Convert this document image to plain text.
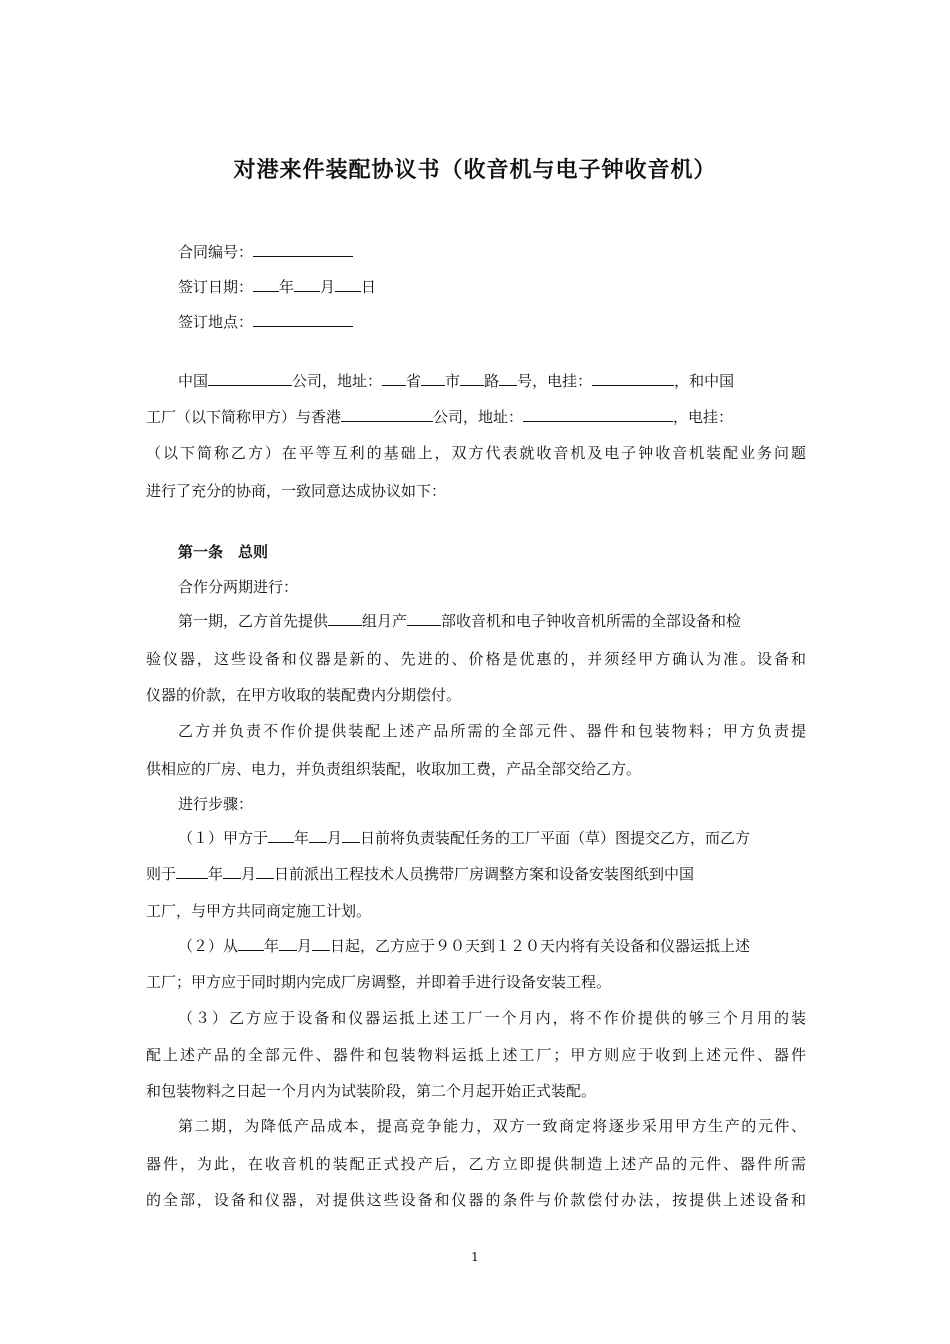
对港来件装配协议书（收音机与电子钟收音机）
合同编号：
签订日期： 年 月 日
签订地点：
中国	公司，地址： 省 市 路 号，电挂：	，和中国
工厂（以下简称甲方）与香港	公司，地址：	，电挂：
（以下简称乙方）在平等互利的基础上，双方代表就收音机及电子钟收音机装配业务问题
进行了充分的协商，一致同意达成协议如下：
第一条　总则
合作分两期进行：
第一期，乙方首先提供 组月产 部收音机和电子钟收音机所需的全部设备和检
验仪器，这些设备和仪器是新的、先进的、价格是优惠的，并须经甲方确认为准。设备和
仪器的价款，在甲方收取的装配费内分期偿付。
乙方并负责不作价提供装配上述产品所需的全部元件、器件和包装物料；甲方负责提
供相应的厂房、电力，并负责组织装配，收取加工费，产品全部交给乙方。
进行步骤：
（１）甲方于 年 月 日前将负责装配任务的工厂平面（草）图提交乙方，而乙方
则于 年 月 日前派出工程技术人员携带厂房调整方案和设备安装图纸到中国
工厂，与甲方共同商定施工计划。
（２）从 年 月 日起，乙方应于９０天到１２０天内将有关设备和仪器运抵上述
工厂；甲方应于同时期内完成厂房调整，并即着手进行设备安装工程。
（３）乙方应于设备和仪器运抵上述工厂一个月内，将不作价提供的够三个月用的装
配上述产品的全部元件、器件和包装物料运抵上述工厂；甲方则应于收到上述元件、器件
和包装物料之日起一个月内为试装阶段，第二个月起开始正式装配。
第二期，为降低产品成本，提高竞争能力，双方一致商定将逐步采用甲方生产的元件、
器件，为此，在收音机的装配正式投产后，乙方立即提供制造上述产品的元件、器件所需
的全部，设备和仪器，对提供这些设备和仪器的条件与价款偿付办法，按提供上述设备和
1
